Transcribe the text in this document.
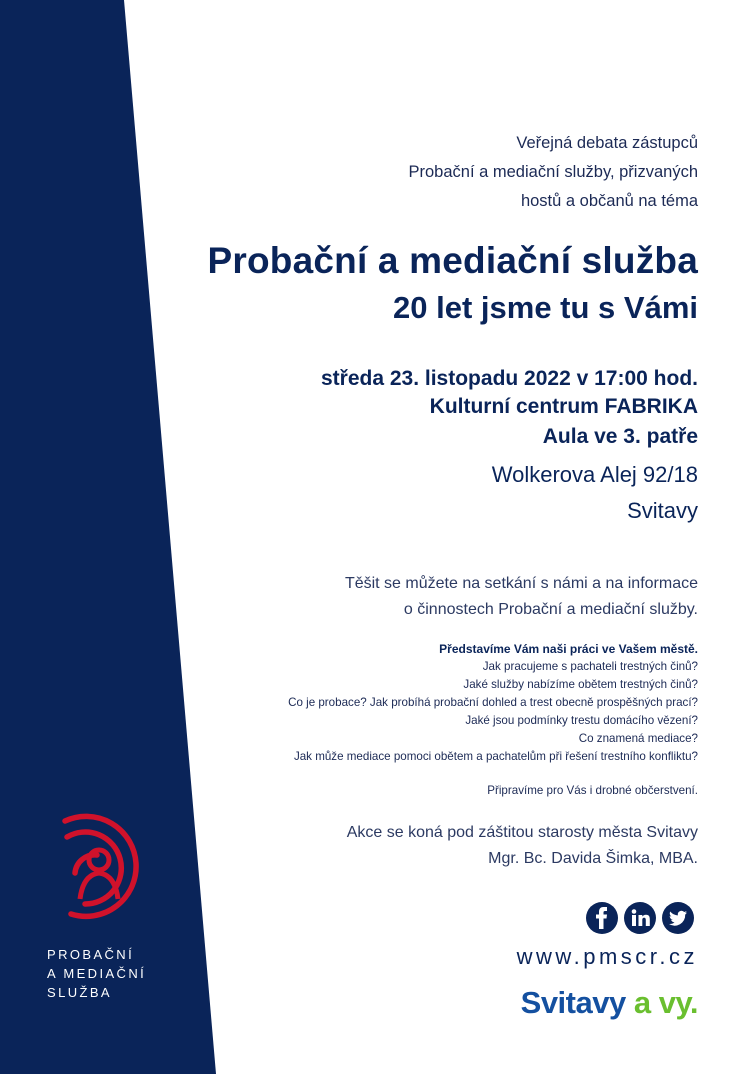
PROBAČNÍ
A MEDIAČNÍ
SLUŽBA
Veřejná debata zástupců
Probační a mediační služby, přizvaných
hostů a občanů na téma
Probační a mediační služba
20 let jsme tu s Vámi
středa 23. listopadu 2022 v 17:00 hod.
Kulturní centrum FABRIKA
Aula ve 3. patře
Wolkerova Alej 92/18
Svitavy
Těšit se můžete na setkání s námi a na informace
o činnostech Probační a mediační služby.
Představíme Vám naši práci ve Vašem městě.
Jak pracujeme s pachateli trestných činů?
Jaké služby nabízíme obětem trestných činů?
Co je probace? Jak probíhá probační dohled a trest obecně prospěšných prací?
Jaké jsou podmínky trestu domácího vězení?
Co znamená mediace?
Jak může mediace pomoci obětem a pachatelům při řešení trestního konfliktu?
Připravíme pro Vás i drobné občerstvení.
Akce se koná pod záštitou starosty města Svitavy
Mgr. Bc. Davida Šimka, MBA.
www.pmscr.cz
Svitavy a vy.
